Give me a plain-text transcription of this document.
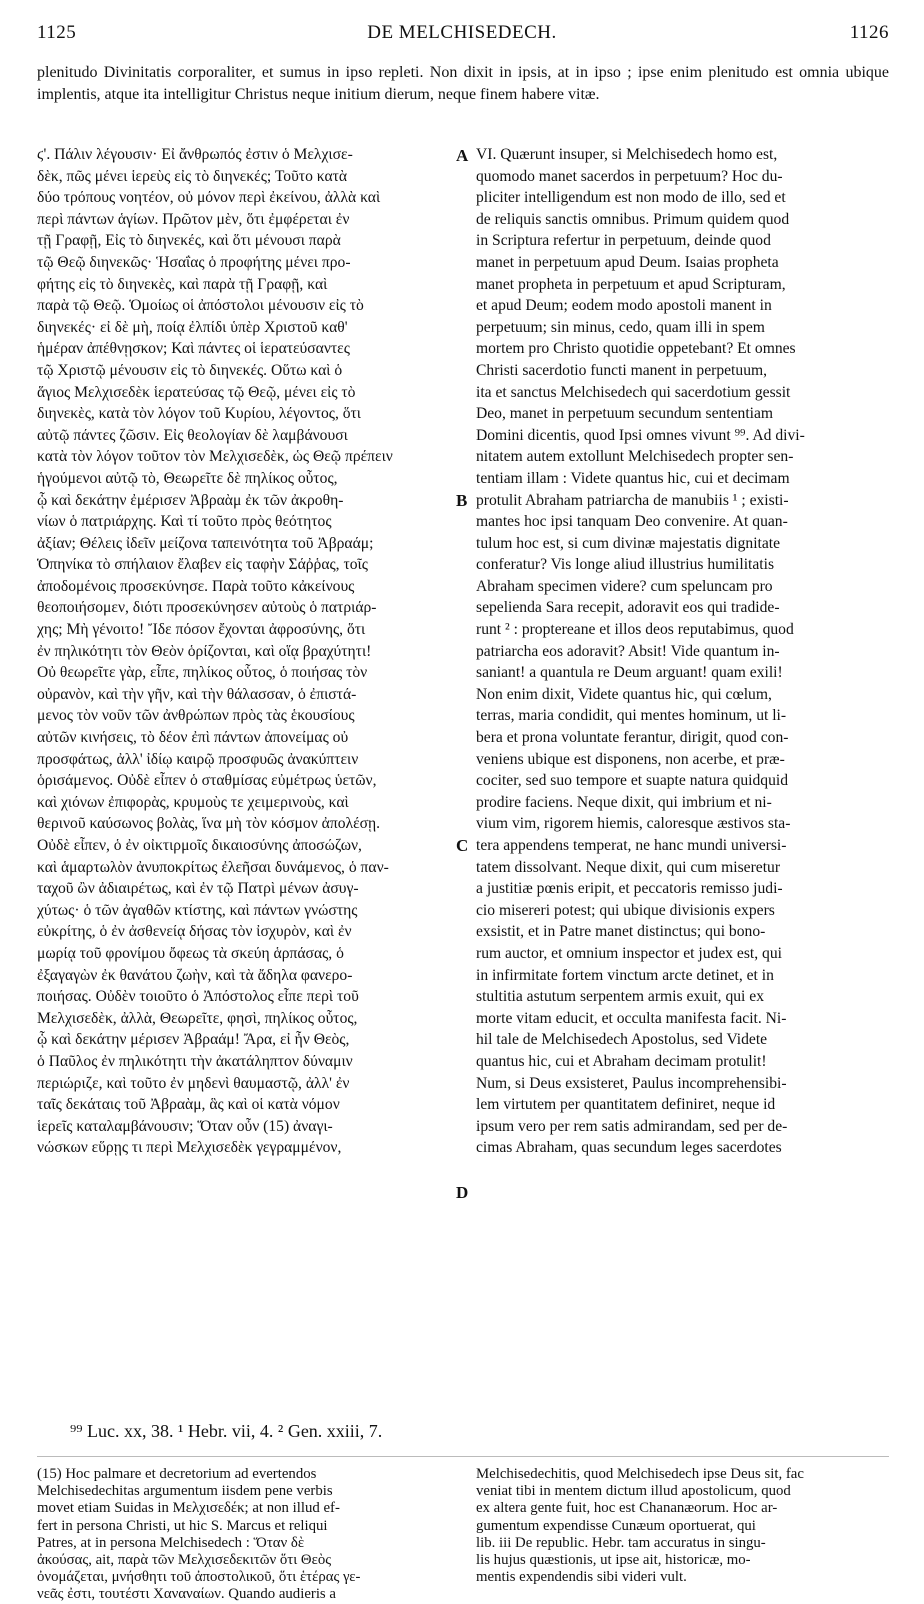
1125	DE MELCHISEDECH.	1126
plenitudo Divinitatis corporaliter, et sumus in ipso repleti. Non dixit in ipsis, at in ipso ; ipse enim plenitudo est omnia ubique implentis, atque ita intelligitur Christus neque initium dierum, neque finem habere vitæ.
ϛ'. Πάλιν λέγουσιν· Εἰ ἄνθρωπός ἐστιν ὁ Μελχισε-
δὲκ, πῶς μένει ἱερεὺς εἰς τὸ διηνεκές; Τοῦτο κατὰ
δύο τρόπους νοητέον, οὐ μόνον περὶ ἐκείνου, ἀλλὰ καὶ
περὶ πάντων ἁγίων. Πρῶτον μὲν, ὅτι ἐμφέρεται ἐν
τῇ Γραφῇ, Εἰς τὸ διηνεκές, καὶ ὅτι μένουσι παρὰ
τῷ Θεῷ διηνεκῶς· Ἡσαΐας ὁ προφήτης μένει προ-
φήτης εἰς τὸ διηνεκὲς, καὶ παρὰ τῇ Γραφῇ, καὶ
παρὰ τῷ Θεῷ. Ὁμοίως οἱ ἀπόστολοι μένουσιν εἰς τὸ
διηνεκές· εἰ δὲ μὴ, ποίᾳ ἐλπίδι ὑπὲρ Χριστοῦ καθ'
ἡμέραν ἀπέθνῃσκον; Καὶ πάντες οἱ ἱερατεύσαντες
τῷ Χριστῷ μένουσιν εἰς τὸ διηνεκές. Οὕτω καὶ ὁ
ἅγιος Μελχισεδὲκ ἱερατεύσας τῷ Θεῷ, μένει εἰς τὸ
διηνεκὲς, κατὰ τὸν λόγον τοῦ Κυρίου, λέγοντος, ὅτι
αὐτῷ πάντες ζῶσιν. Εἰς θεολογίαν δὲ λαμβάνουσι
κατὰ τὸν λόγον τοῦτον τὸν Μελχισεδὲκ, ὡς Θεῷ πρέπειν
ἡγούμενοι αὐτῷ τὸ, Θεωρεῖτε δὲ πηλίκος οὗτος,
ᾧ καὶ δεκάτην ἐμέρισεν Ἀβραὰμ ἐκ τῶν ἀκροθη-
νίων ὁ πατριάρχης. Καὶ τί τοῦτο πρὸς θεότητος
ἀξίαν; Θέλεις ἰδεῖν μείζονα ταπεινότητα τοῦ Ἀβραάμ;
Ὁπηνίκα τὸ σπήλαιον ἔλαβεν εἰς ταφὴν Σάῤῥας, τοῖς
ἀποδομένοις προσεκύνησε. Παρὰ τοῦτο κἀκείνους
θεοποιήσομεν, διότι προσεκύνησεν αὐτοὺς ὁ πατριάρ-
χης; Μὴ γένοιτο! Ἴδε πόσον ἔχονται ἀφροσύνης, ὅτι
ἐν πηλικότητι τὸν Θεὸν ὁρίζονται, καὶ οἵᾳ βραχύτητι!
Οὐ θεωρεῖτε γὰρ, εἶπε, πηλίκος οὗτος, ὁ ποιήσας τὸν
οὐρανὸν, καὶ τὴν γῆν, καὶ τὴν θάλασσαν, ὁ ἐπιστά-
μενος τὸν νοῦν τῶν ἀνθρώπων πρὸς τὰς ἑκουσίους
αὐτῶν κινήσεις, τὸ δέον ἐπὶ πάντων ἀπονείμας οὐ
προσφάτως, ἀλλ' ἰδίῳ καιρῷ προσφυῶς ἀνακύπτειν
ὁρισάμενος. Οὐδὲ εἶπεν ὁ σταθμίσας εὐμέτρως ὑετῶν,
καὶ χιόνων ἐπιφορὰς, κρυμοὺς τε χειμερινοὺς, καὶ
θερινοῦ καύσωνος βολὰς, ἵνα μὴ τὸν κόσμον ἀπολέσῃ.
Οὐδὲ εἶπεν, ὁ ἐν οἰκτιρμοῖς δικαιοσύνης ἀποσώζων,
καὶ ἁμαρτωλὸν ἀνυποκρίτως ἐλεῆσαι δυνάμενος, ὁ παν-
ταχοῦ ὢν ἀδιαιρέτως, καὶ ἐν τῷ Πατρὶ μένων ἀσυγ-
χύτως· ὁ τῶν ἀγαθῶν κτίστης, καὶ πάντων γνώστης
εὐκρίτης, ὁ ἐν ἀσθενείᾳ δήσας τὸν ἰσχυρὸν, καὶ ἐν
μωρίᾳ τοῦ φρονίμου ὄφεως τὰ σκεύη ἁρπάσας, ὁ
ἐξαγαγὼν ἐκ θανάτου ζωὴν, καὶ τὰ ἄδηλα φανερο-
ποιήσας. Οὐδὲν τοιοῦτο ὁ Ἀπόστολος εἶπε περὶ τοῦ
Μελχισεδὲκ, ἀλλὰ, Θεωρεῖτε, φησὶ, πηλίκος οὗτος,
ᾧ καὶ δεκάτην μέρισεν Ἀβραάμ! Ἄρα, εἰ ἦν Θεὸς,
ὁ Παῦλος ἐν πηλικότητι τὴν ἀκατάληπτον δύναμιν
περιώριζε, καὶ τοῦτο ἐν μηδενὶ θαυμαστῷ, ἀλλ' ἐν
ταῖς δεκάταις τοῦ Ἀβραὰμ, ἃς καὶ οἱ κατὰ νόμον
ἱερεῖς καταλαμβάνουσιν; Ὅταν οὖν (15) ἀναγι-
νώσκων εὕρῃς τι περὶ Μελχισεδὲκ γεγραμμένον,
VI. Quærunt insuper, si Melchisedech homo est,
quomodo manet sacerdos in perpetuum? Hoc du-
pliciter intelligendum est non modo de illo, sed et
de reliquis sanctis omnibus. Primum quidem quod
in Scriptura refertur in perpetuum, deinde quod
manet in perpetuum apud Deum. Isaias propheta
manet propheta in perpetuum et apud Scripturam,
et apud Deum; eodem modo apostoli manent in
perpetuum; sin minus, cedo, quam illi in spem
mortem pro Christo quotidie oppetebant? Et omnes
Christi sacerdotio functi manent in perpetuum,
ita et sanctus Melchisedech qui sacerdotium gessit
Deo, manet in perpetuum secundum sententiam
Domini dicentis, quod Ipsi omnes vivunt ⁹⁹. Ad divi-
nitatem autem extollunt Melchisedech propter sen-
tentiam illam : Videte quantus hic, cui et decimam
protulit Abraham patriarcha de manubiis ¹ ; existi-
mantes hoc ipsi tanquam Deo convenire. At quan-
tulum hoc est, si cum divinæ majestatis dignitate
conferatur? Vis longe aliud illustrius humilitatis
Abraham specimen videre? cum speluncam pro
sepelienda Sara recepit, adoravit eos qui tradide-
runt ² : proptereane et illos deos reputabimus, quod
patriarcha eos adoravit? Absit! Vide quantum in-
saniant! a quantula re Deum arguant! quam exili!
Non enim dixit, Videte quantus hic, qui cœlum,
terras, maria condidit, qui mentes hominum, ut li-
bera et prona voluntate ferantur, dirigit, quod con-
veniens ubique est disponens, non acerbe, et præ-
cociter, sed suo tempore et suapte natura quidquid
prodire faciens. Neque dixit, qui imbrium et ni-
vium vim, rigorem hiemis, caloresque æstivos sta-
tera appendens temperat, ne hanc mundi universi-
tatem dissolvant. Neque dixit, qui cum miseretur
a justitiæ pœnis eripit, et peccatoris remisso judi-
cio misereri potest; qui ubique divisionis expers
exsistit, et in Patre manet distinctus; qui bono-
rum auctor, et omnium inspector et judex est, qui
in infirmitate fortem vinctum arcte detinet, et in
stultitia astutum serpentem armis exuit, qui ex
morte vitam educit, et occulta manifesta facit. Ni-
hil tale de Melchisedech Apostolus, sed Videte
quantus hic, cui et Abraham decimam protulit!
Num, si Deus exsisteret, Paulus incomprehensibi-
lem virtutem per quantitatem definiret, neque id
ipsum vero per rem satis admirandam, sed per de-
cimas Abraham, quas secundum leges sacerdotes
A
B
C
D
⁹⁹ Luc. xx, 38. ¹ Hebr. vii, 4. ² Gen. xxiii, 7.
(15) Hoc palmare et decretorium ad evertendos
Melchisedechitas argumentum iisdem pene verbis
movet etiam Suidas in Μελχισεδέκ; at non illud ef-
fert in persona Christi, ut hic S. Marcus et reliqui
Patres, at in persona Melchisedech : Ὅταν δὲ
ἀκούσας, ait, παρὰ τῶν Μελχισεδεκιτῶν ὅτι Θεὸς
ὀνομάζεται, μνήσθητι τοῦ ἀποστολικοῦ, ὅτι ἑτέρας γε-
νεᾶς ἐστι, τουτέστι Χαναναίων. Quando audieris a
Melchisedechitis, quod Melchisedech ipse Deus sit, fac
veniat tibi in mentem dictum illud apostolicum, quod
ex altera gente fuit, hoc est Chananæorum. Hoc ar-
gumentum expendisse Cunæum oportuerat, qui
lib. iii De republic. Hebr. tam accuratus in singu-
lis hujus quæstionis, ut ipse ait, historicæ, mo-
mentis expendendis sibi videri vult.
